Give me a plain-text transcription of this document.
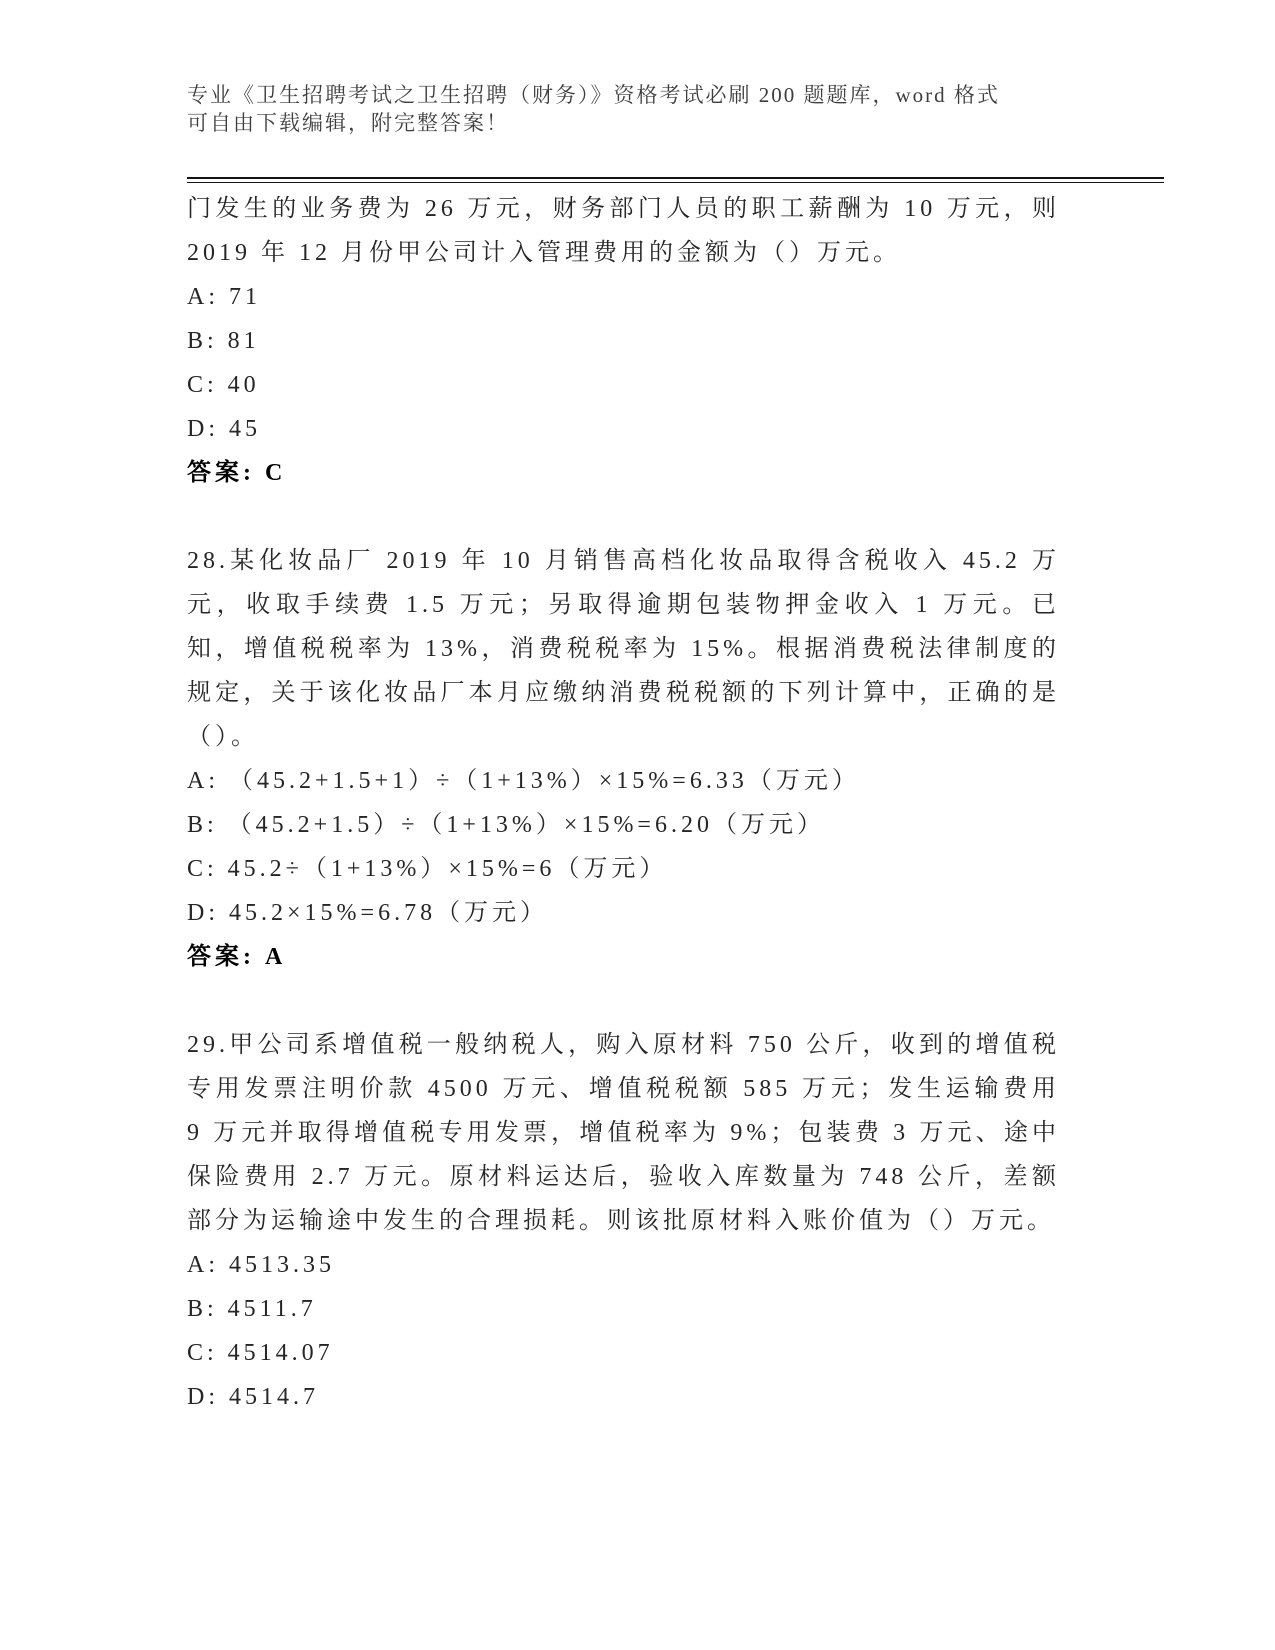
专业《卫生招聘考试之卫生招聘（财务）》资格考试必刷 200 题题库，word 格式
可自由下载编辑，附完整答案！

门发生的业务费为 26 万元，财务部门人员的职工薪酬为 10 万元，则 2019 年 12 月份甲公司计入管理费用的金额为（）万元。

A: 71

B: 81

C: 40

D: 45

答案: C

28.某化妆品厂 2019 年 10 月销售高档化妆品取得含税收入 45.2 万元，收取手续费 1.5 万元；另取得逾期包装物押金收入 1 万元。已知，增值税税率为 13%，消费税税率为 15%。根据消费税法律制度的规定，关于该化妆品厂本月应缴纳消费税税额的下列计算中，正确的是（）。

A: （45.2+1.5+1）÷（1+13%）×15%=6.33（万元）

B: （45.2+1.5）÷（1+13%）×15%=6.20（万元）

C: 45.2÷（1+13%）×15%=6（万元）

D: 45.2×15%=6.78（万元）

答案: A

29.甲公司系增值税一般纳税人，购入原材料 750 公斤，收到的增值税专用发票注明价款 4500 万元、增值税税额 585 万元；发生运输费用 9 万元并取得增值税专用发票，增值税率为 9%；包装费 3 万元、途中保险费用 2.7 万元。原材料运达后，验收入库数量为 748 公斤，差额部分为运输途中发生的合理损耗。则该批原材料入账价值为（）万元。

A: 4513.35

B: 4511.7

C: 4514.07

D: 4514.7
